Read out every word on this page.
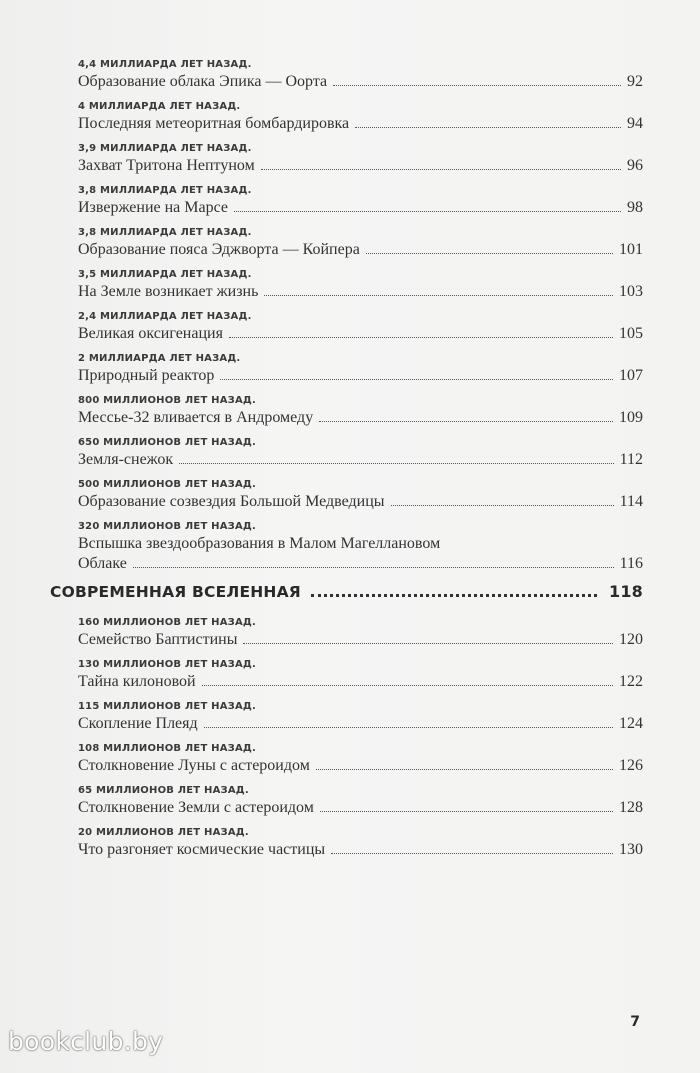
4,4 МИЛЛИАРДА ЛЕТ НАЗАД.
Образование облака Эпика — Оорта	92
4 МИЛЛИАРДА ЛЕТ НАЗАД.
Последняя метеоритная бомбардировка	94
3,9 МИЛЛИАРДА ЛЕТ НАЗАД.
Захват Тритона Нептуном	96
3,8 МИЛЛИАРДА ЛЕТ НАЗАД.
Извержение на Марсе	98
3,8 МИЛЛИАРДА ЛЕТ НАЗАД.
Образование пояса Эджворта — Койпера	101
3,5 МИЛЛИАРДА ЛЕТ НАЗАД.
На Земле возникает жизнь	103
2,4 МИЛЛИАРДА ЛЕТ НАЗАД.
Великая оксигенация	105
2 МИЛЛИАРДА ЛЕТ НАЗАД.
Природный реактор	107
800 МИЛЛИОНОВ ЛЕТ НАЗАД.
Мессье-32 вливается в Андромеду	109
650 МИЛЛИОНОВ ЛЕТ НАЗАД.
Земля-снежок	112
500 МИЛЛИОНОВ ЛЕТ НАЗАД.
Образование созвездия Большой Медведицы	114
320 МИЛЛИОНОВ ЛЕТ НАЗАД.
Вспышка звездообразования в Малом Магеллановом
Облаке	116
СОВРЕМЕННАЯ ВСЕЛЕННАЯ	118
160 МИЛЛИОНОВ ЛЕТ НАЗАД.
Семейство Баптистины	120
130 МИЛЛИОНОВ ЛЕТ НАЗАД.
Тайна килоновой	122
115 МИЛЛИОНОВ ЛЕТ НАЗАД.
Скопление Плеяд	124
108 МИЛЛИОНОВ ЛЕТ НАЗАД.
Столкновение Луны с астероидом	126
65 МИЛЛИОНОВ ЛЕТ НАЗАД.
Столкновение Земли с астероидом	128
20 МИЛЛИОНОВ ЛЕТ НАЗАД.
Что разгоняет космические частицы	130
7
bookclub.by
